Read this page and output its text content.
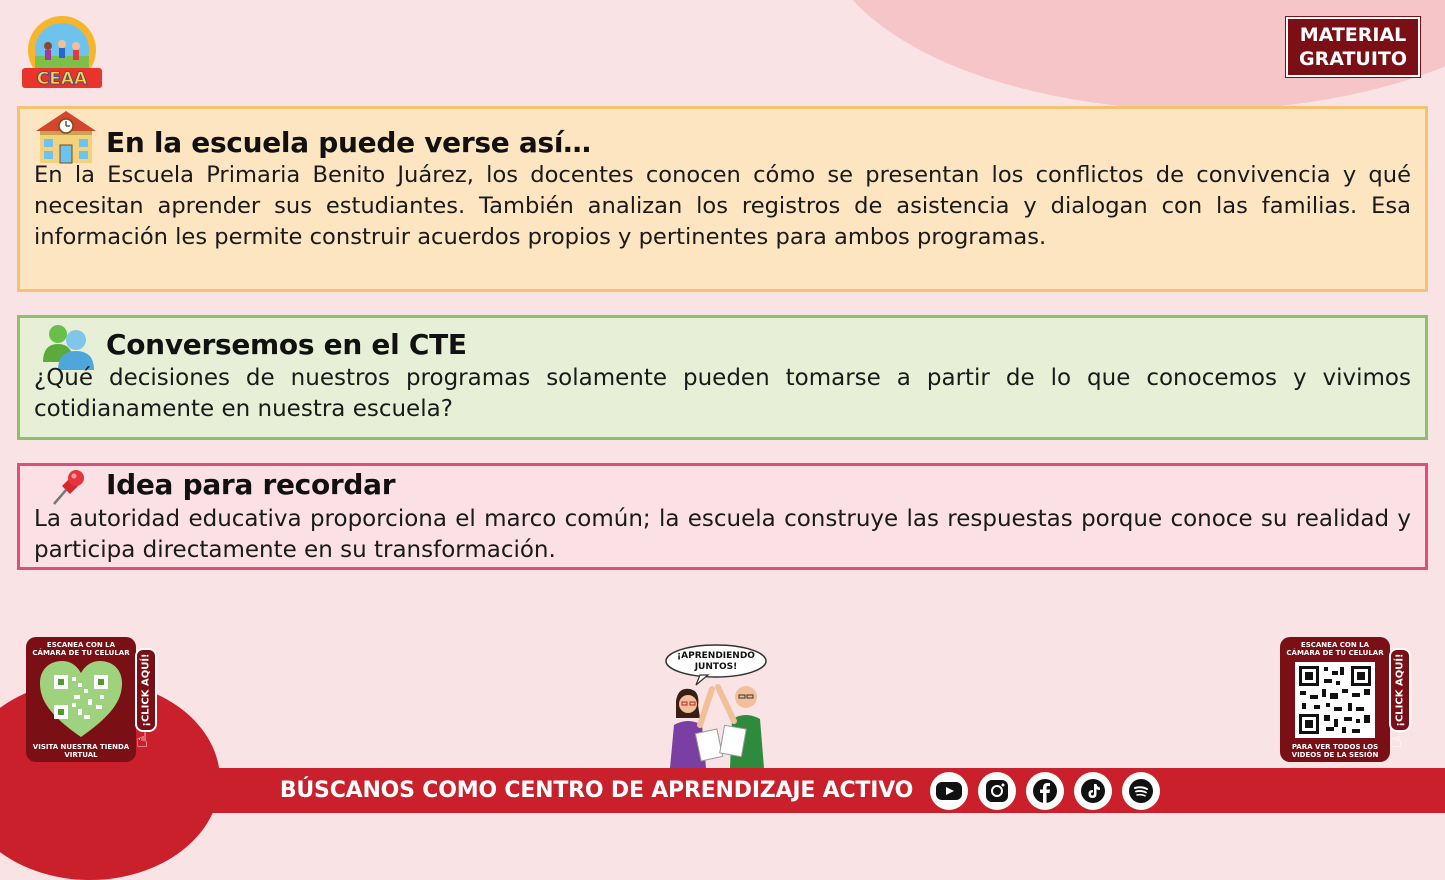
CEAA
MATERIAL
GRATUITO
En la escuela puede verse así…
En la Escuela Primaria Benito Juárez, los docentes conocen cómo se presentan los conflictos de convivencia y qué necesitan aprender sus estudiantes. También analizan los registros de asistencia y dialogan con las familias. Esa información les permite construir acuerdos propios y pertinentes para ambos programas.
Conversemos en el CTE
¿Qué decisiones de nuestros programas solamente pueden tomarse a partir de lo que conocemos y vivimos cotidianamente en nuestra escuela?
Idea para recordar
La autoridad educativa proporciona el marco común; la escuela construye las respuestas porque conoce su realidad y participa directamente en su transformación.
ESCANEA CON LA CÁMARA DE TU CELULAR
VISITA NUESTRA TIENDA VIRTUAL
¡CLICK AQUÍ!
☝
¡APRENDIENDO
JUNTOS!
ESCANEA CON LA CÁMARA DE TU CELULAR
PARA VER TODOS LOS VIDEOS DE LA SESIÓN
¡CLICK AQUÍ!
☝
BÚSCANOS COMO CENTRO DE APRENDIZAJE ACTIVO
